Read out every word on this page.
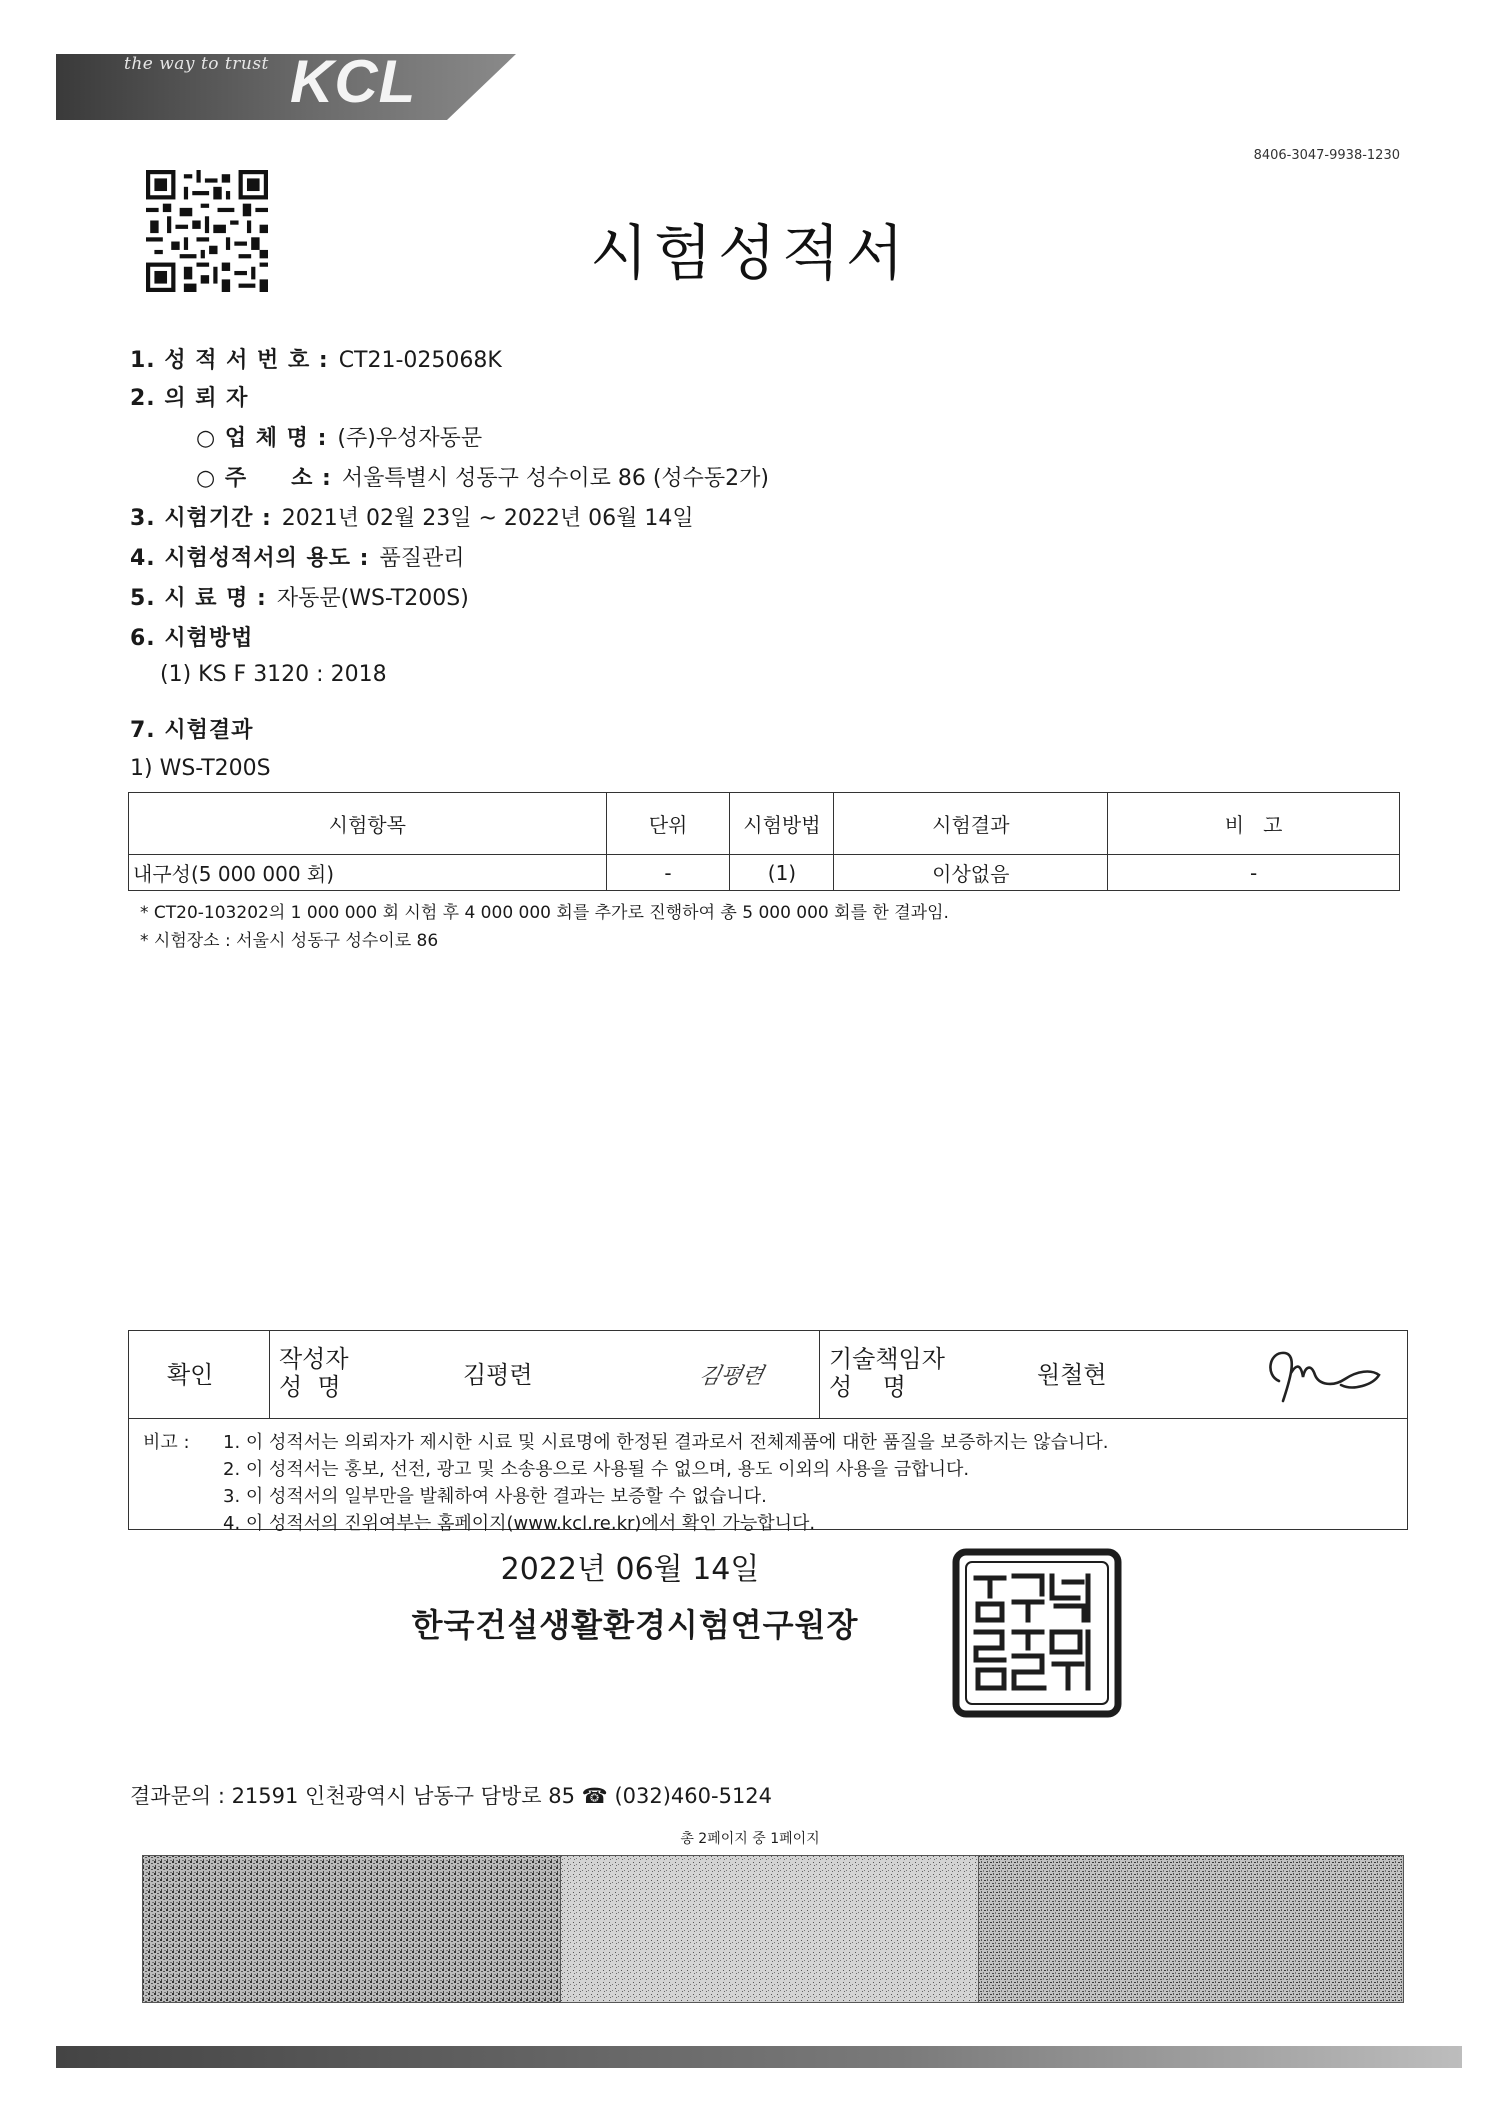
the way to trust KCL
8406-3047-9938-1230
시험성적서
1. 성 적 서 번 호 : CT21-025068K
2. 의 뢰 자
○ 업 체 명 : (주)우성자동문
○ 주 소 : 서울특별시 성동구 성수이로 86 (성수동2가)
3. 시험기간 : 2021년 02월 23일 ~ 2022년 06월 14일
4. 시험성적서의 용도 : 품질관리
5. 시 료 명 : 자동문(WS-T200S)
6. 시험방법
(1) KS F 3120 : 2018
7. 시험결과
1) WS-T200S
시험항목	단위	시험방법	시험결과	비   고
내구성(5 000 000 회)	-	(1)	이상없음	-
* CT20-103202의 1 000 000 회 시험 후 4 000 000 회를 추가로 진행하여 총 5 000 000 회를 한 결과임.
* 시험장소 : 서울시 성동구 성수이로 86
확인
작성자
성  명	김평련	김평련
기술책임자
성    명	원철현
비고 : 1. 이 성적서는 의뢰자가 제시한 시료 및 시료명에 한정된 결과로서 전체제품에 대한 품질을 보증하지는 않습니다.
2. 이 성적서는 홍보, 선전, 광고 및 소송용으로 사용될 수 없으며, 용도 이외의 사용을 금합니다.
3. 이 성적서의 일부만을 발췌하여 사용한 결과는 보증할 수 없습니다.
4. 이 성적서의 진위여부는 홈페이지(www.kcl.re.kr)에서 확인 가능합니다.
2022년 06월 14일
한국건설생활환경시험연구원장
결과문의 : 21591 인천광역시 남동구 담방로 85 ☎ (032)460-5124
총 2페이지 중 1페이지
